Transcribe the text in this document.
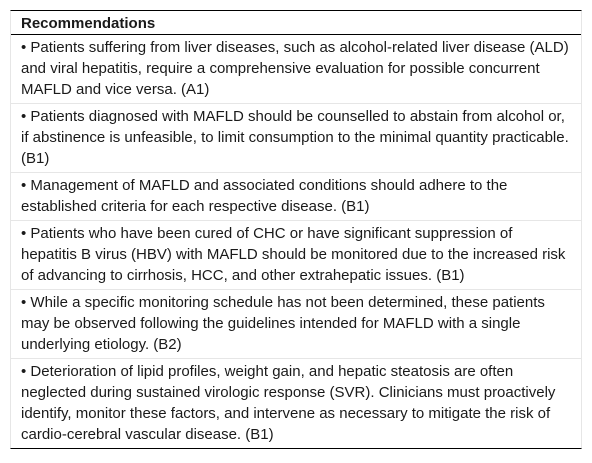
Recommendations
• Patients suffering from liver diseases, such as alcohol-related liver disease (ALD) and viral hepatitis, require a comprehensive evaluation for possible concurrent MAFLD and vice versa. (A1)
• Patients diagnosed with MAFLD should be counselled to abstain from alcohol or, if abstinence is unfeasible, to limit consumption to the minimal quantity practicable. (B1)
• Management of MAFLD and associated conditions should adhere to the established criteria for each respective disease. (B1)
• Patients who have been cured of CHC or have significant suppression of hepatitis B virus (HBV) with MAFLD should be monitored due to the increased risk of advancing to cirrhosis, HCC, and other extrahepatic issues. (B1)
• While a specific monitoring schedule has not been determined, these patients may be observed following the guidelines intended for MAFLD with a single underlying etiology. (B2)
• Deterioration of lipid profiles, weight gain, and hepatic steatosis are often neglected during sustained virologic response (SVR). Clinicians must proactively identify, monitor these factors, and intervene as necessary to mitigate the risk of cardio-cerebral vascular disease. (B1)
